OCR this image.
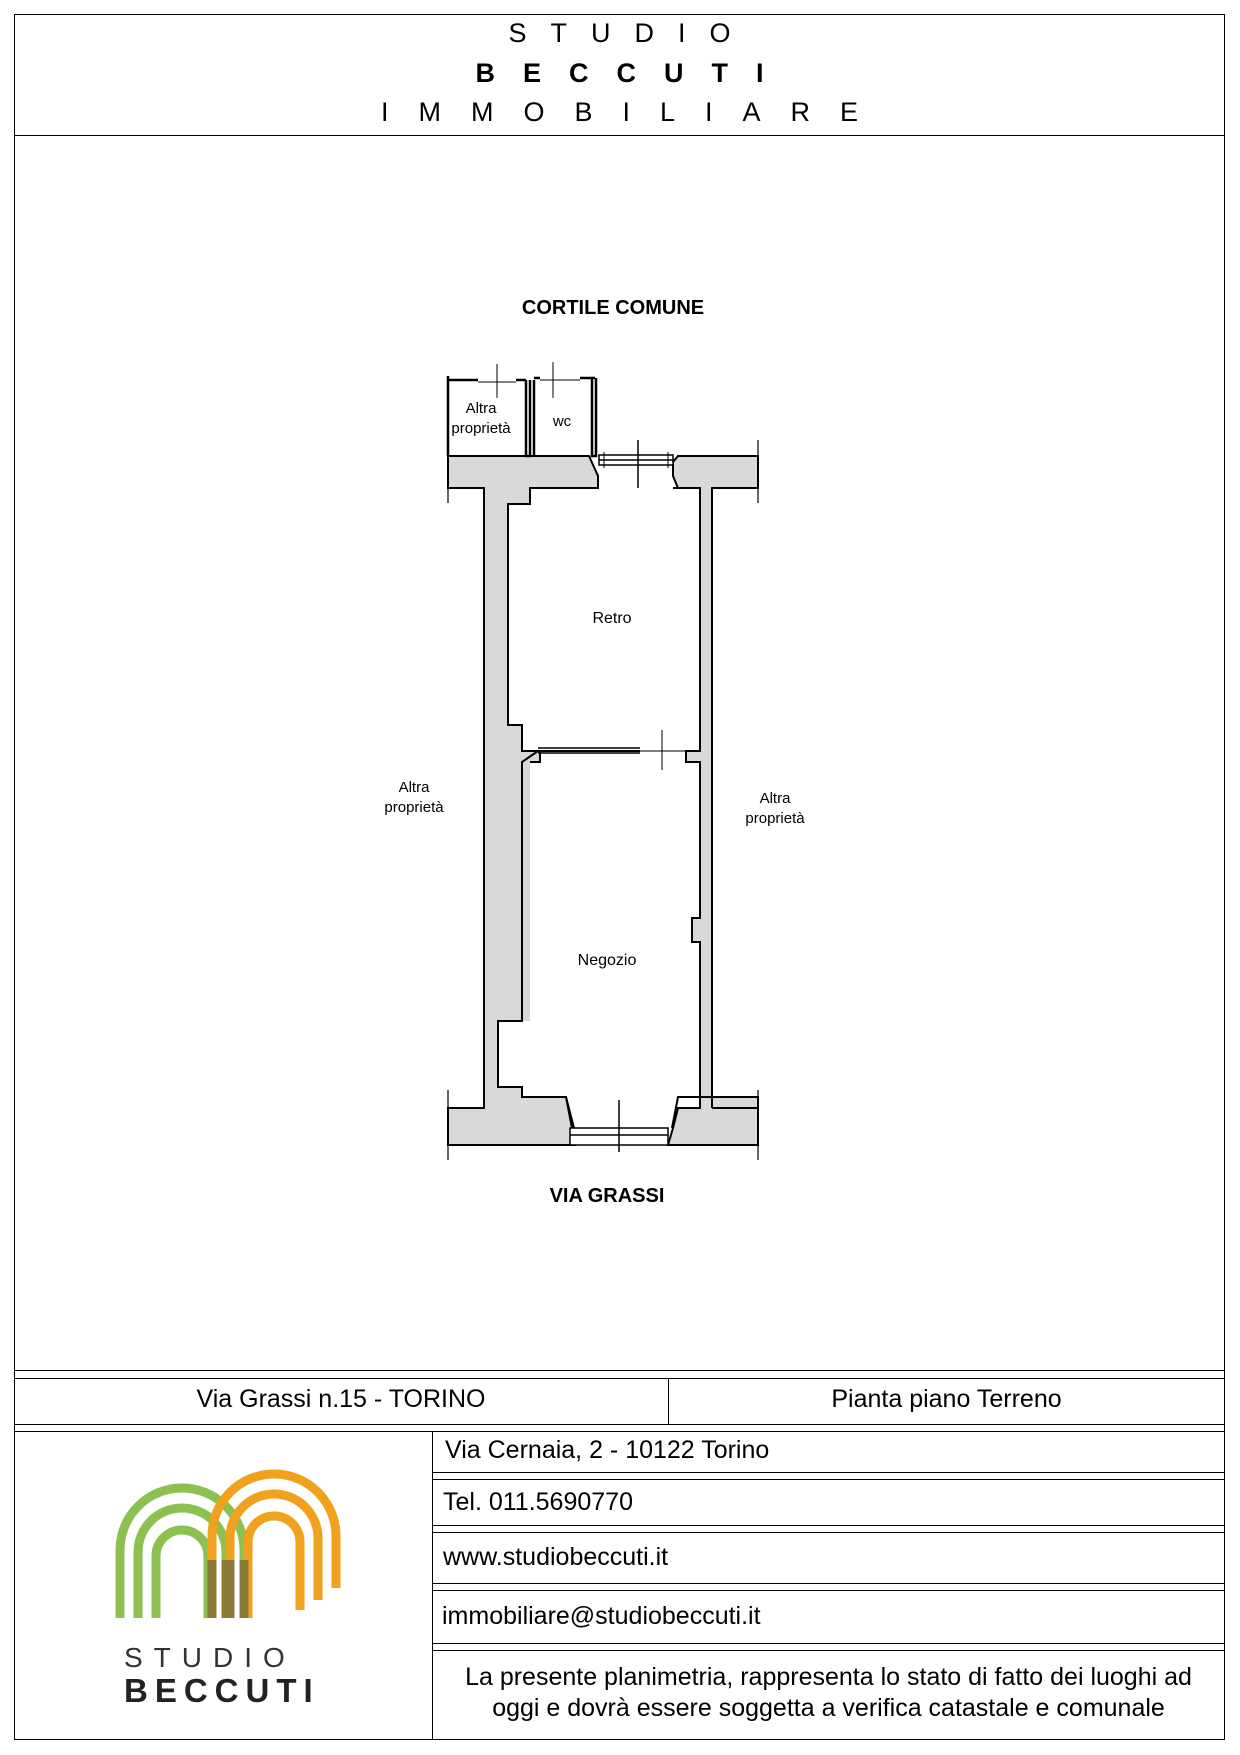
STUDIO
BECCUTI
IMMOBILIARE
CORTILE COMUNE
VIA GRASSI
Retro
Negozio
wc
Altra
proprietà
Altra
proprietà
Altra
proprietà
Via Grassi n.15 - TORINO	Pianta piano Terreno
Via Cernaia, 2 - 10122 Torino
Tel. 011.5690770
www.studiobeccuti.it
immobiliare@studiobeccuti.it
La presente planimetria, rappresenta lo stato di fatto dei luoghi ad
oggi e dovrà essere soggetta a verifica catastale e comunale
STUDIO
BECCUTI
